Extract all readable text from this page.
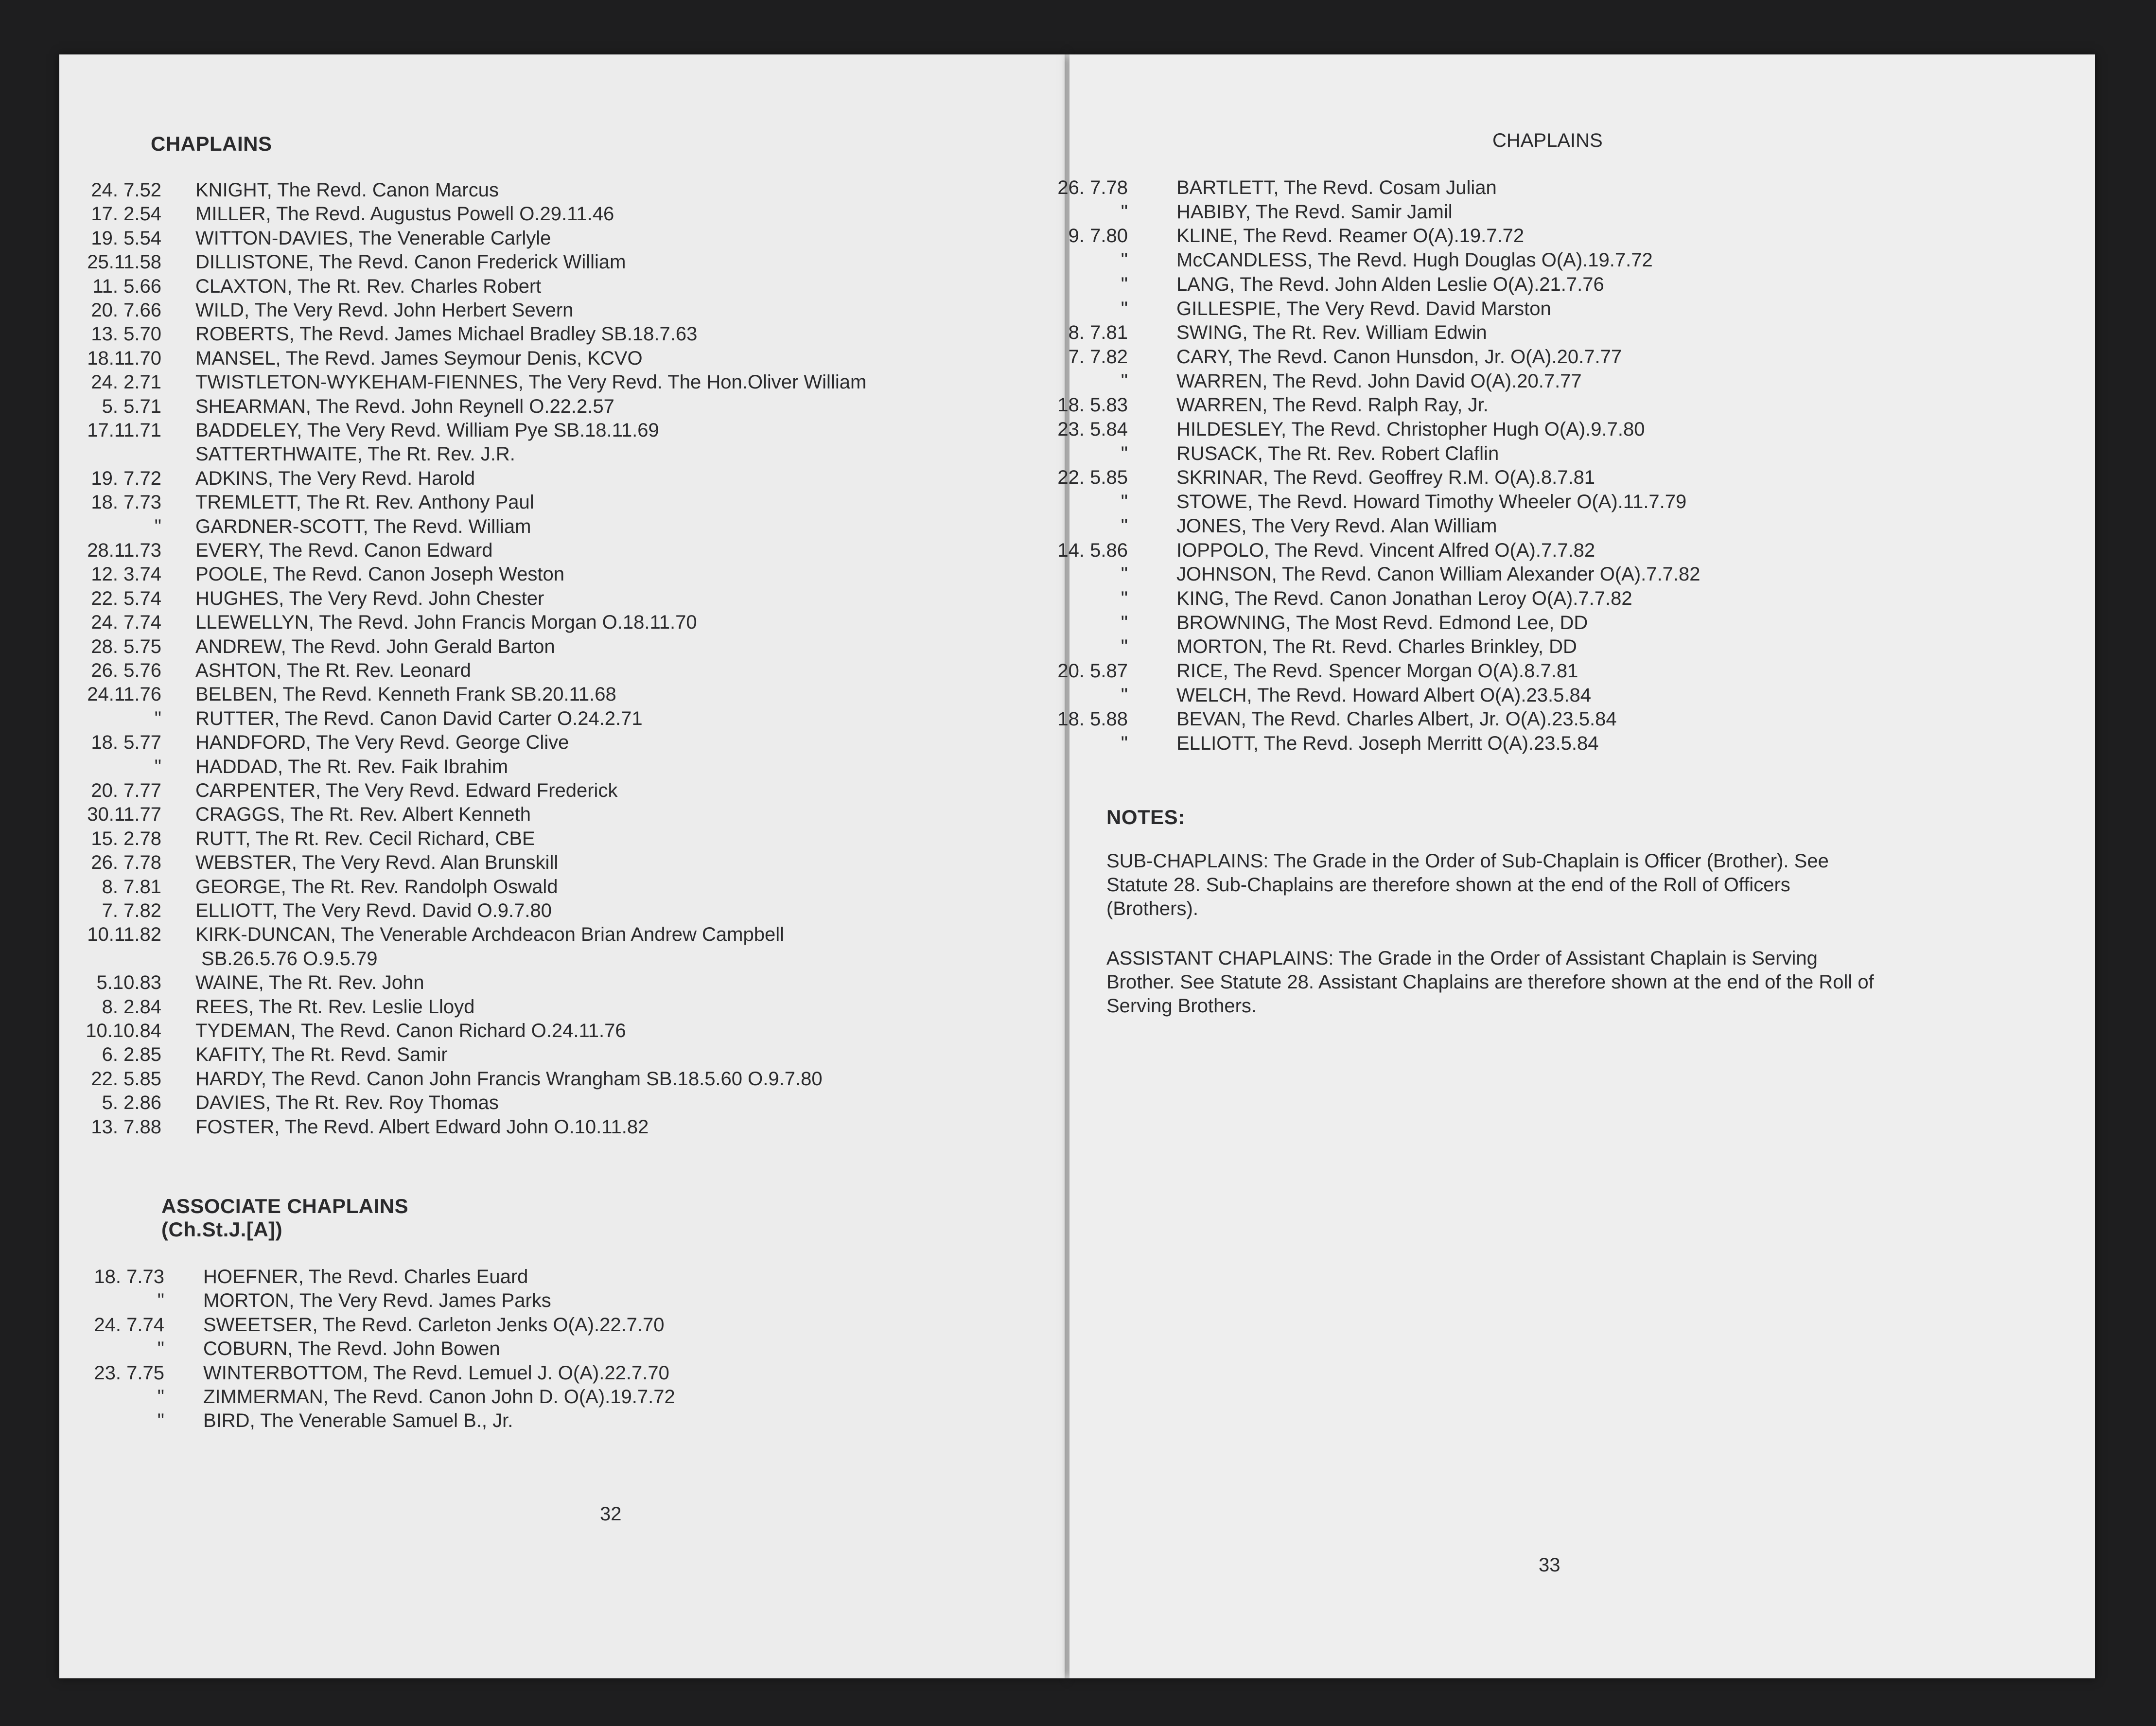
CHAPLAINS
24. 7.52 KNIGHT, The Revd. Canon Marcus
17. 2.54 MILLER, The Revd. Augustus Powell O.29.11.46
19. 5.54 WITTON-DAVIES, The Venerable Carlyle
25.11.58 DILLISTONE, The Revd. Canon Frederick William
11. 5.66 CLAXTON, The Rt. Rev. Charles Robert
20. 7.66 WILD, The Very Revd. John Herbert Severn
13. 5.70 ROBERTS, The Revd. James Michael Bradley SB.18.7.63
18.11.70 MANSEL, The Revd. James Seymour Denis, KCVO
24. 2.71 TWISTLETON-WYKEHAM-FIENNES, The Very Revd. The Hon.Oliver William
5. 5.71 SHEARMAN, The Revd. John Reynell O.22.2.57
17.11.71 BADDELEY, The Very Revd. William Pye SB.18.11.69
SATTERTHWAITE, The Rt. Rev. J.R.
19. 7.72 ADKINS, The Very Revd. Harold
18. 7.73 TREMLETT, The Rt. Rev. Anthony Paul
" GARDNER-SCOTT, The Revd. William
28.11.73 EVERY, The Revd. Canon Edward
12. 3.74 POOLE, The Revd. Canon Joseph Weston
22. 5.74 HUGHES, The Very Revd. John Chester
24. 7.74 LLEWELLYN, The Revd. John Francis Morgan O.18.11.70
28. 5.75 ANDREW, The Revd. John Gerald Barton
26. 5.76 ASHTON, The Rt. Rev. Leonard
24.11.76 BELBEN, The Revd. Kenneth Frank SB.20.11.68
" RUTTER, The Revd. Canon David Carter O.24.2.71
18. 5.77 HANDFORD, The Very Revd. George Clive
" HADDAD, The Rt. Rev. Faik Ibrahim
20. 7.77 CARPENTER, The Very Revd. Edward Frederick
30.11.77 CRAGGS, The Rt. Rev. Albert Kenneth
15. 2.78 RUTT, The Rt. Rev. Cecil Richard, CBE
26. 7.78 WEBSTER, The Very Revd. Alan Brunskill
8. 7.81 GEORGE, The Rt. Rev. Randolph Oswald
7. 7.82 ELLIOTT, The Very Revd. David O.9.7.80
10.11.82 KIRK-DUNCAN, The Venerable Archdeacon Brian Andrew Campbell
SB.26.5.76 O.9.5.79
5.10.83 WAINE, The Rt. Rev. John
8. 2.84 REES, The Rt. Rev. Leslie Lloyd
10.10.84 TYDEMAN, The Revd. Canon Richard O.24.11.76
6. 2.85 KAFITY, The Rt. Revd. Samir
22. 5.85 HARDY, The Revd. Canon John Francis Wrangham SB.18.5.60 O.9.7.80
5. 2.86 DAVIES, The Rt. Rev. Roy Thomas
13. 7.88 FOSTER, The Revd. Albert Edward John O.10.11.82
ASSOCIATE CHAPLAINS
(Ch.St.J.[A])
18. 7.73 HOEFNER, The Revd. Charles Euard
" MORTON, The Very Revd. James Parks
24. 7.74 SWEETSER, The Revd. Carleton Jenks O(A).22.7.70
" COBURN, The Revd. John Bowen
23. 7.75 WINTERBOTTOM, The Revd. Lemuel J. O(A).22.7.70
" ZIMMERMAN, The Revd. Canon John D. O(A).19.7.72
" BIRD, The Venerable Samuel B., Jr.
32
CHAPLAINS
26. 7.78	BARTLETT, The Revd. Cosam Julian
"	HABIBY, The Revd. Samir Jamil
9. 7.80	KLINE, The Revd. Reamer O(A).19.7.72
"	McCANDLESS, The Revd. Hugh Douglas O(A).19.7.72
"	LANG, The Revd. John Alden Leslie O(A).21.7.76
"	GILLESPIE, The Very Revd. David Marston
8. 7.81	SWING, The Rt. Rev. William Edwin
7. 7.82	CARY, The Revd. Canon Hunsdon, Jr. O(A).20.7.77
"	WARREN, The Revd. John David O(A).20.7.77
18. 5.83	WARREN, The Revd. Ralph Ray, Jr.
23. 5.84	HILDESLEY, The Revd. Christopher Hugh O(A).9.7.80
"	RUSACK, The Rt. Rev. Robert Claflin
22. 5.85	SKRINAR, The Revd. Geoffrey R.M. O(A).8.7.81
"	STOWE, The Revd. Howard Timothy Wheeler O(A).11.7.79
"	JONES, The Very Revd. Alan William
14. 5.86	IOPPOLO, The Revd. Vincent Alfred O(A).7.7.82
"	JOHNSON, The Revd. Canon William Alexander O(A).7.7.82
"	KING, The Revd. Canon Jonathan Leroy O(A).7.7.82
"	BROWNING, The Most Revd. Edmond Lee, DD
"	MORTON, The Rt. Revd. Charles Brinkley, DD
20. 5.87	RICE, The Revd. Spencer Morgan O(A).8.7.81
"	WELCH, The Revd. Howard Albert O(A).23.5.84
18. 5.88	BEVAN, The Revd. Charles Albert, Jr. O(A).23.5.84
"	ELLIOTT, The Revd. Joseph Merritt O(A).23.5.84
NOTES:
SUB-CHAPLAINS: The Grade in the Order of Sub-Chaplain is Officer (Brother). See
Statute 28. Sub-Chaplains are therefore shown at the end of the Roll of Officers
(Brothers).
ASSISTANT CHAPLAINS: The Grade in the Order of Assistant Chaplain is Serving
Brother. See Statute 28. Assistant Chaplains are therefore shown at the end of the Roll of
Serving Brothers.
33
